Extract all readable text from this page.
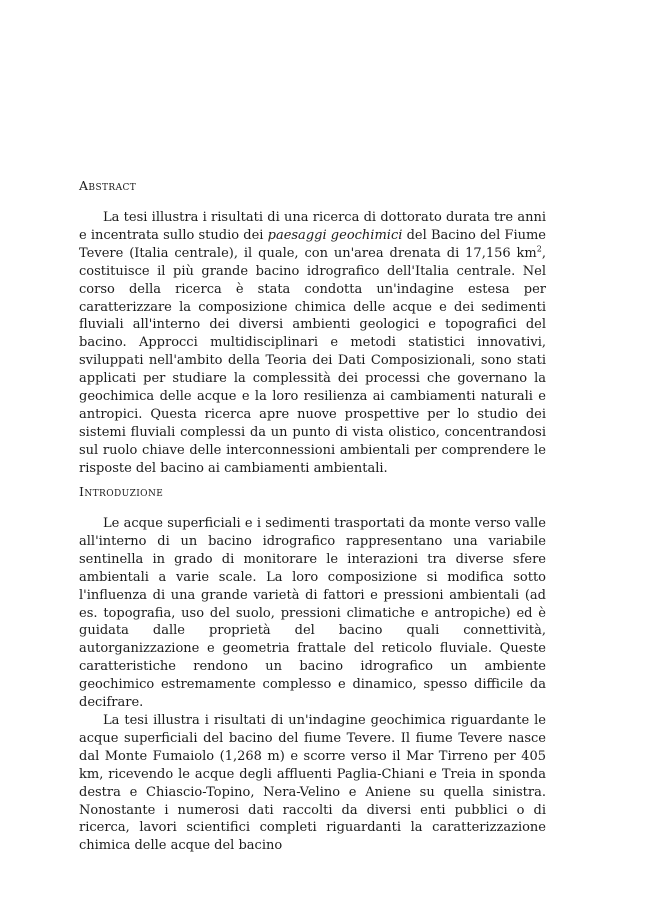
Abstract

La tesi illustra i risultati di una ricerca di dottorato durata tre anni e incentrata sullo studio dei paesaggi geochimici del Bacino del Fiume Tevere (Italia centrale), il quale, con un'area drenata di 17,156 $km^2$, costituisce il più grande bacino idrografico dell'Italia centrale. Nel corso della ricerca è stata condotta un'indagine estesa per caratterizzare la composizione chimica delle acque e dei sedimenti fluviali all'interno dei diversi ambienti geologici e topografici del bacino. Approcci multidisciplinari e metodi statistici innovativi, sviluppati nell'ambito della Teoria dei Dati Composizionali, sono stati applicati per studiare la complessità dei processi che governano la geochimica delle acque e la loro resilienza ai cambiamenti naturali e antropici. Questa ricerca apre nuove prospettive per lo studio dei sistemi fluviali complessi da un punto di vista olistico, concentrandosi sul ruolo chiave delle interconnessioni ambientali per comprendere le risposte del bacino ai cambiamenti ambientali.

Introduzione

Le acque superficiali e i sedimenti trasportati da monte verso valle all'interno di un bacino idrografico rappresentano una variabile sentinella in grado di monitorare le interazioni tra diverse sfere ambientali a varie scale. La loro composizione si modifica sotto l'influenza di una grande varietà di fattori e pressioni ambientali (ad es. topografia, uso del suolo, pressioni climatiche e antropiche) ed è guidata dalle proprietà del bacino quali connettività, autorganizzazione e geometria frattale del reticolo fluviale. Queste caratteristiche rendono un bacino idrografico un ambiente geochimico estremamente complesso e dinamico, spesso difficile da decifrare.

La tesi illustra i risultati di un'indagine geochimica riguardante le acque superficiali del bacino del fiume Tevere. Il fiume Tevere nasce dal Monte Fumaiolo (1,268 m) e scorre verso il Mar Tirreno per 405 km, ricevendo le acque degli affluenti Paglia-Chiani e Treia in sponda destra e Chiascio-Topino, Nera-Velino e Aniene su quella sinistra. Nonostante i numerosi dati raccolti da diversi enti pubblici o di ricerca, lavori scientifici completi riguardanti la caratterizzazione chimica delle acque del bacino
